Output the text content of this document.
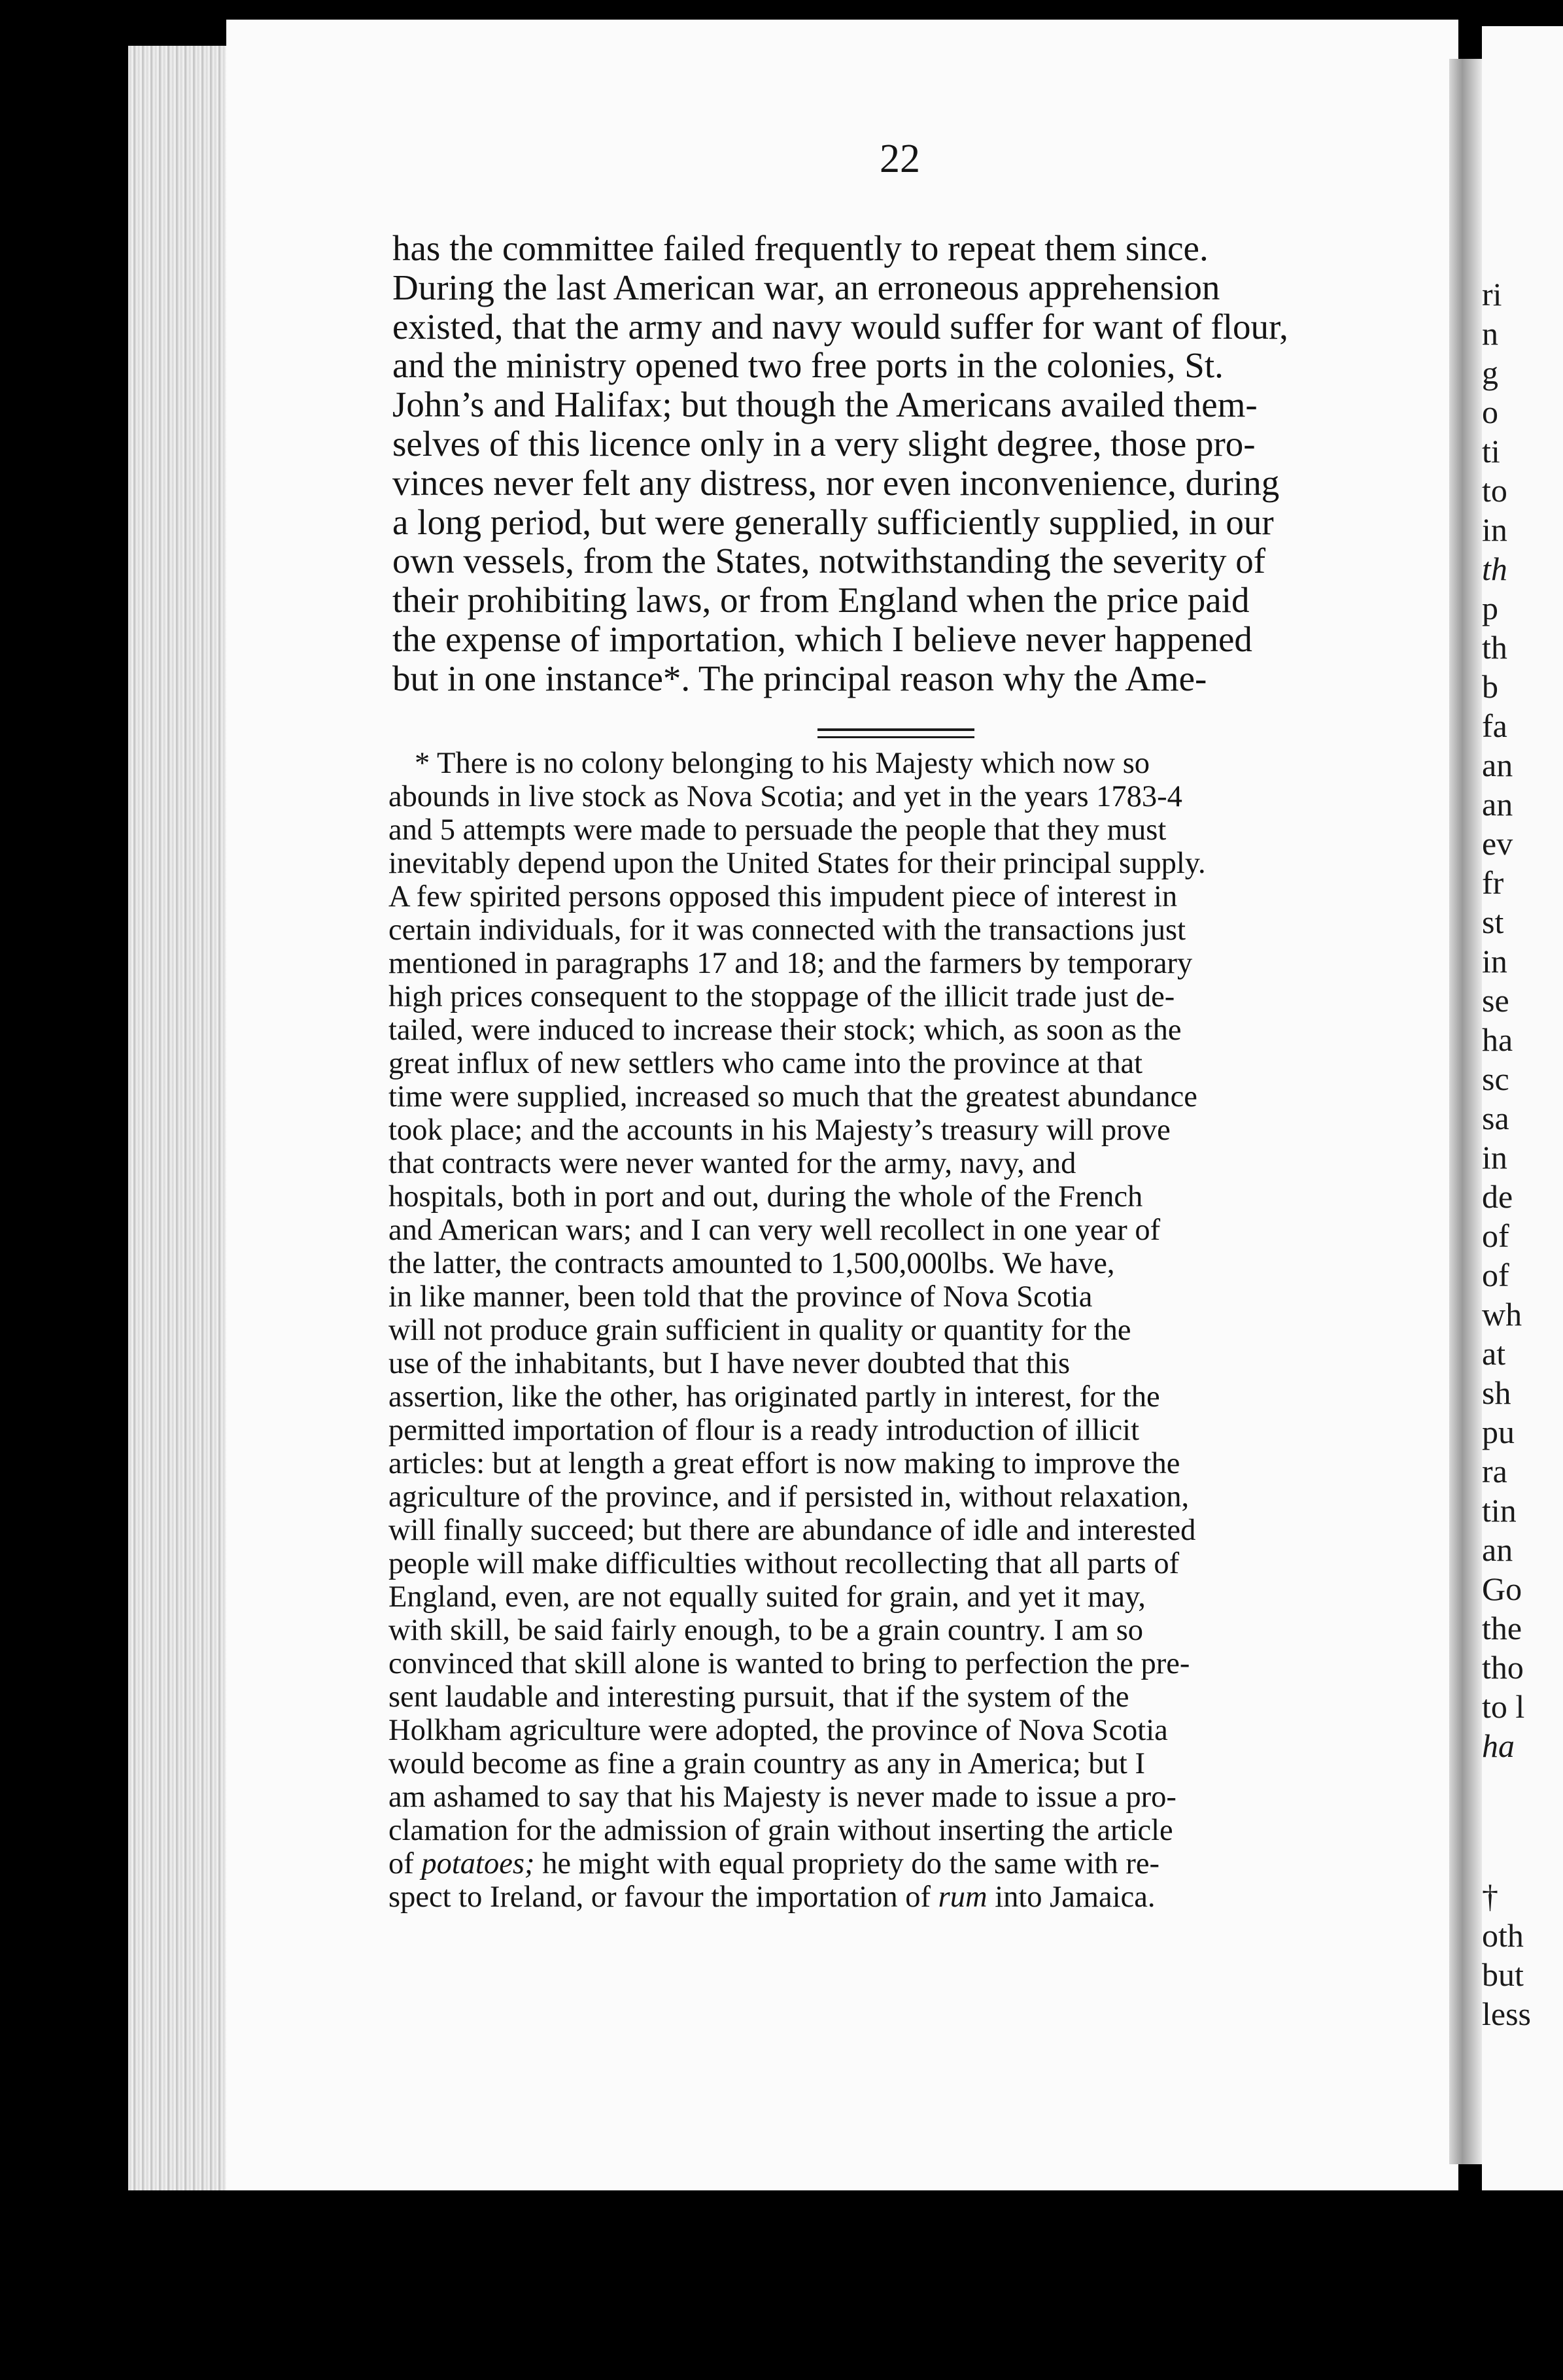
ri

n

g

o

ti

to

in

th

p

th

b

fa

an

an

ev

fr

st

in

se

ha

sc

sa

in

de

of

of

wh

at

sh

pu

ra

tin

an

Go

the

tho

to l

ha

†

oth

but

less

22

has the committee failed frequently to repeat them since.
During the last American war, an erroneous apprehension
existed, that the army and navy would suffer for want of flour,
and the ministry opened two free ports in the colonies, St.
John’s and Halifax; but though the Americans availed them-
selves of this licence only in a very slight degree, those pro-
vinces never felt any distress, nor even inconvenience, during
a long period, but were generally sufficiently supplied, in our
own vessels, from the States, notwithstanding the severity of
their prohibiting laws, or from England when the price paid
the expense of importation, which I believe never happened
but in one instance*. The principal reason why the Ame-

* There is no colony belonging to his Majesty which now so
abounds in live stock as Nova Scotia; and yet in the years 1783-4
and 5 attempts were made to persuade the people that they must
inevitably depend upon the United States for their principal supply.
A few spirited persons opposed this impudent piece of interest in
certain individuals, for it was connected with the transactions just
mentioned in paragraphs 17 and 18; and the farmers by temporary
high prices consequent to the stoppage of the illicit trade just de-
tailed, were induced to increase their stock; which, as soon as the
great influx of new settlers who came into the province at that
time were supplied, increased so much that the greatest abundance
took place; and the accounts in his Majesty’s treasury will prove
that contracts were never wanted for the army, navy, and
hospitals, both in port and out, during the whole of the French
and American wars; and I can very well recollect in one year of
the latter, the contracts amounted to 1,500,000lbs. We have,
in like manner, been told that the province of Nova Scotia
will not produce grain sufficient in quality or quantity for the
use of the inhabitants, but I have never doubted that this
assertion, like the other, has originated partly in interest, for the
permitted importation of flour is a ready introduction of illicit
articles: but at length a great effort is now making to improve the
agriculture of the province, and if persisted in, without relaxation,
will finally succeed; but there are abundance of idle and interested
people will make difficulties without recollecting that all parts of
England, even, are not equally suited for grain, and yet it may,
with skill, be said fairly enough, to be a grain country. I am so
convinced that skill alone is wanted to bring to perfection the pre-
sent laudable and interesting pursuit, that if the system of the
Holkham agriculture were adopted, the province of Nova Scotia
would become as fine a grain country as any in America; but I
am ashamed to say that his Majesty is never made to issue a pro-
clamation for the admission of grain without inserting the article
of potatoes; he might with equal propriety do the same with re-
spect to Ireland, or favour the importation of rum into Jamaica.
